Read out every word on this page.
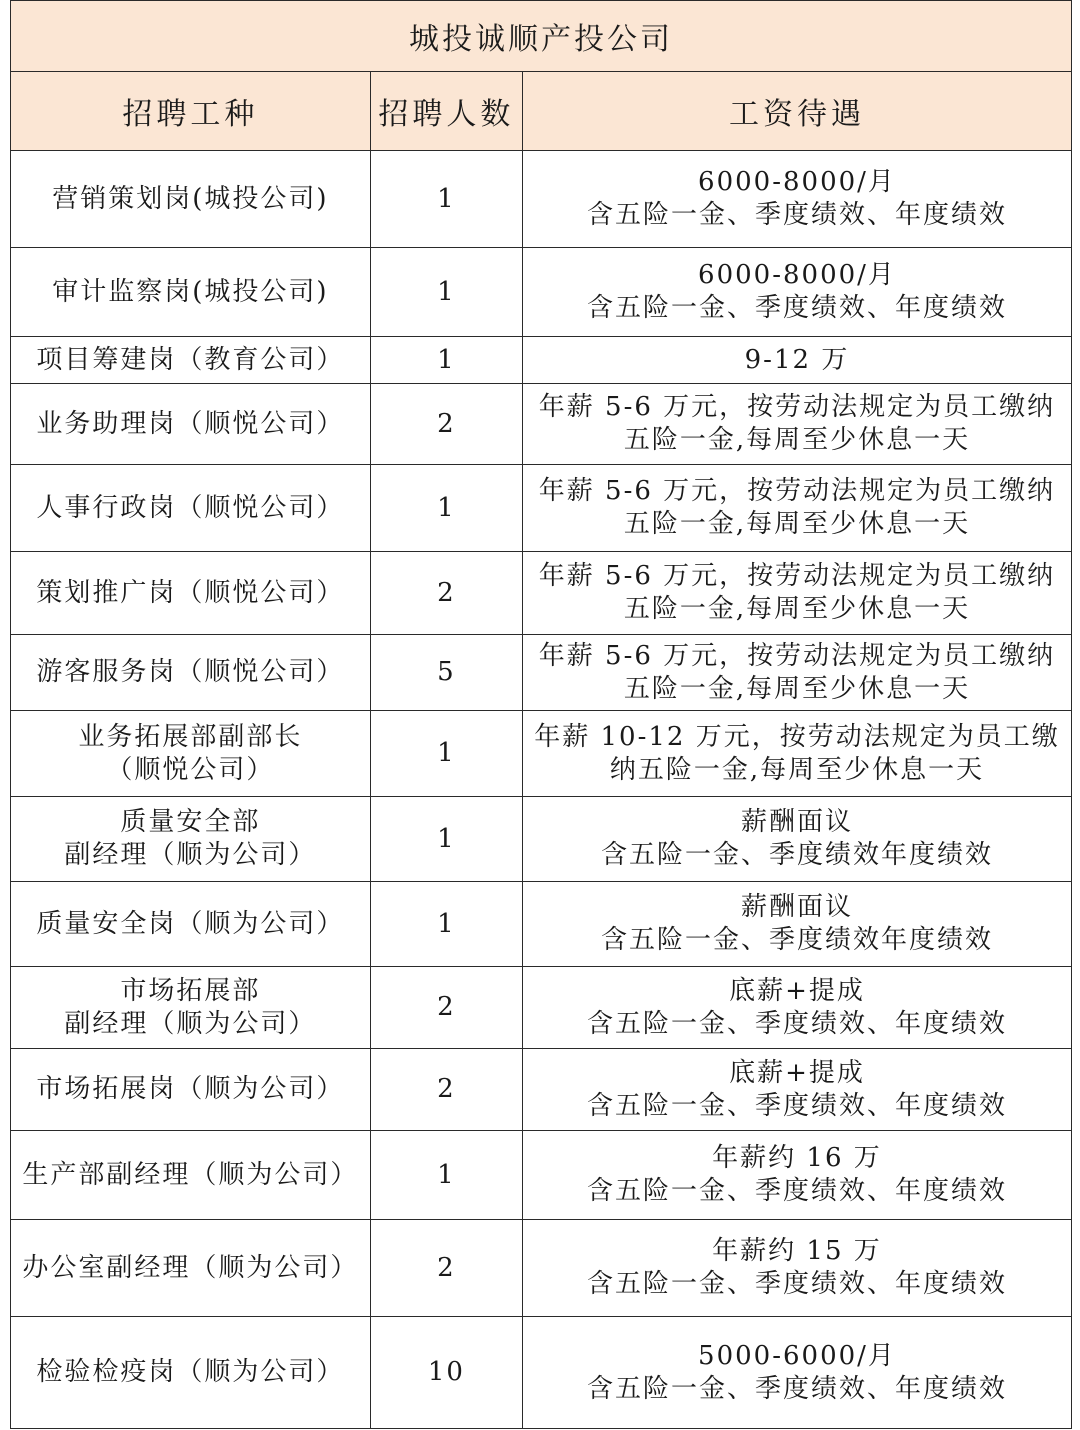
城投诚顺产投公司		
招聘工种	招聘人数	工资待遇

营销策划岗(城投公司)	1	6000-8000/月
含五险一金、季度绩效、年度绩效

审计监察岗(城投公司)	1	6000-8000/月
含五险一金、季度绩效、年度绩效

项目筹建岗（教育公司）	1	9-12 万

业务助理岗（顺悦公司）	2	年薪 5-6 万元，按劳动法规定为员工缴纳
五险一金,每周至少休息一天

人事行政岗（顺悦公司）	1	年薪 5-6 万元，按劳动法规定为员工缴纳
五险一金,每周至少休息一天

策划推广岗（顺悦公司）	2	年薪 5-6 万元，按劳动法规定为员工缴纳
五险一金,每周至少休息一天

游客服务岗（顺悦公司）	5	年薪 5-6 万元，按劳动法规定为员工缴纳
五险一金,每周至少休息一天

业务拓展部副部长
（顺悦公司）	1	年薪 10-12 万元，按劳动法规定为员工缴
纳五险一金,每周至少休息一天

质量安全部
副经理（顺为公司）	1	薪酬面议
含五险一金、季度绩效年度绩效

质量安全岗（顺为公司）	1	薪酬面议
含五险一金、季度绩效年度绩效

市场拓展部
副经理（顺为公司）	2	底薪+提成
含五险一金、季度绩效、年度绩效

市场拓展岗（顺为公司）	2	底薪+提成
含五险一金、季度绩效、年度绩效

生产部副经理（顺为公司）	1	年薪约 16 万
含五险一金、季度绩效、年度绩效

办公室副经理（顺为公司）	2	年薪约 15 万
含五险一金、季度绩效、年度绩效

检验检疫岗（顺为公司）	10	5000-6000/月
含五险一金、季度绩效、年度绩效
